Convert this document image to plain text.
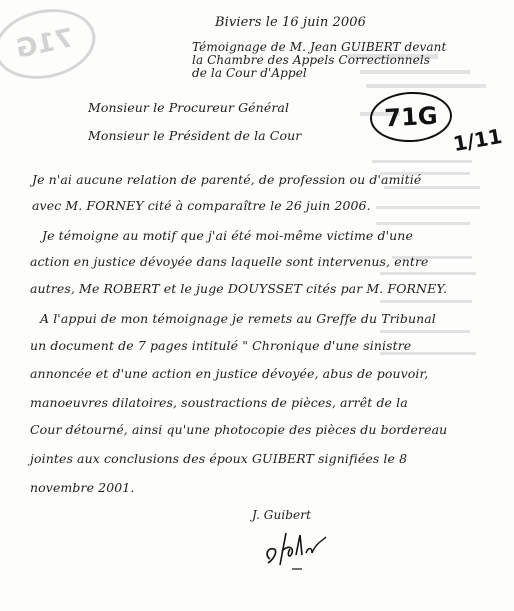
71G
Biviers le 16 juin 2006
Témoignage de M. Jean GUIBERT devant
la Chambre des Appels Correctionnels
de la Cour d'Appel
71G
1/11
Monsieur le Procureur Général
Monsieur le Président de la Cour
Je n'ai aucune relation de parenté, de profession ou d'amitié
avec M. FORNEY cité à comparaître le 26 juin 2006.
Je témoigne au motif que j'ai été moi-même victime d'une
action en justice dévoyée dans laquelle sont intervenus, entre
autres, Me ROBERT et le juge DOUYSSET cités par M. FORNEY.
A l'appui de mon témoignage je remets au Greffe du Tribunal
un document de 7 pages intitulé " Chronique d'une sinistre
annoncée et d'une action en justice dévoyée, abus de pouvoir,
manoeuvres dilatoires, soustractions de pièces, arrêt de la
Cour détourné, ainsi qu'une photocopie des pièces du bordereau
jointes aux conclusions des époux GUIBERT signifiées le 8
novembre 2001.
J. Guibert
